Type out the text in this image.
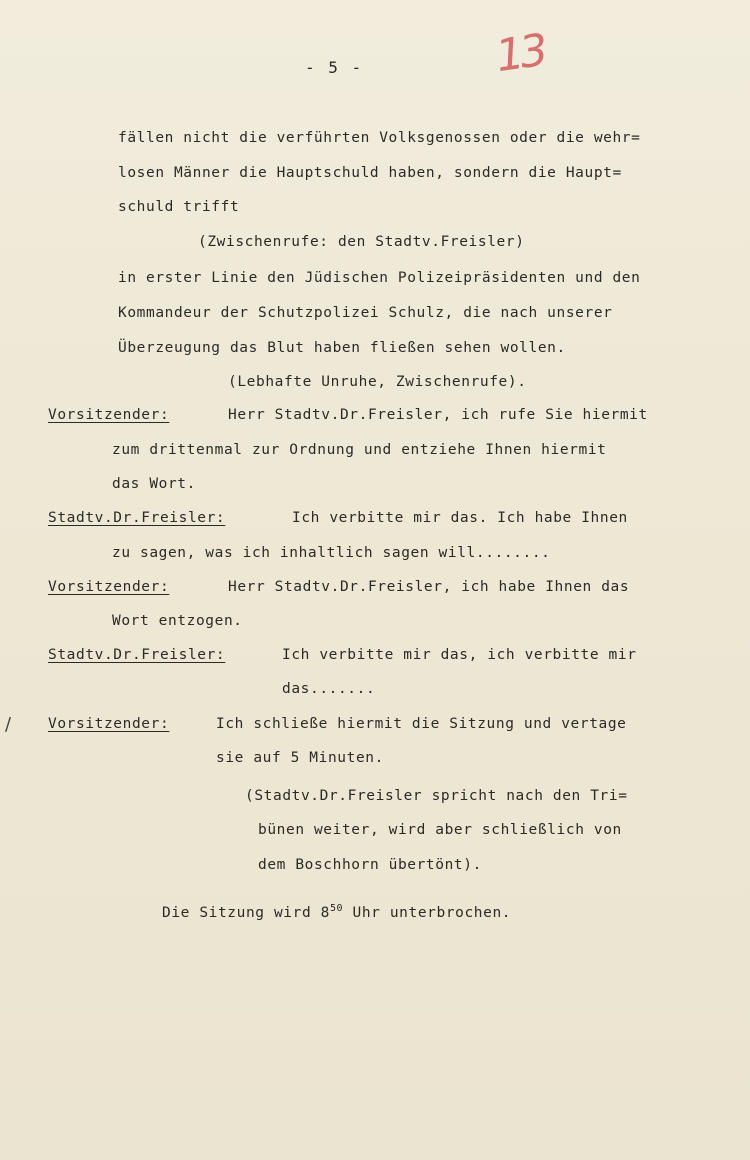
- 5 -	13
/
fällen nicht die verführten Volksgenossen oder die wehr=
losen Männer die Hauptschuld haben, sondern die Haupt=
schuld trifft
(Zwischenrufe: den Stadtv.Freisler)
in erster Linie den Jüdischen Polizeipräsidenten und den
Kommandeur der Schutzpolizei Schulz, die nach unserer
Überzeugung das Blut haben fließen sehen wollen.
(Lebhafte Unruhe, Zwischenrufe).
Vorsitzender:	Herr Stadtv.Dr.Freisler, ich rufe Sie hiermit
zum drittenmal zur Ordnung und entziehe Ihnen hiermit
das Wort.
Stadtv.Dr.Freisler:	Ich verbitte mir das. Ich habe Ihnen
zu sagen, was ich inhaltlich sagen will........
Vorsitzender:	Herr Stadtv.Dr.Freisler, ich habe Ihnen das
Wort entzogen.
Stadtv.Dr.Freisler:	Ich verbitte mir das, ich verbitte mir
das.......
Vorsitzender:	Ich schließe hiermit die Sitzung und vertage
sie auf 5 Minuten.
(Stadtv.Dr.Freisler spricht nach den Tri=
bünen weiter, wird aber schließlich von
dem Boschhorn übertönt).
Die Sitzung wird $8^{50}$ Uhr unterbrochen.
